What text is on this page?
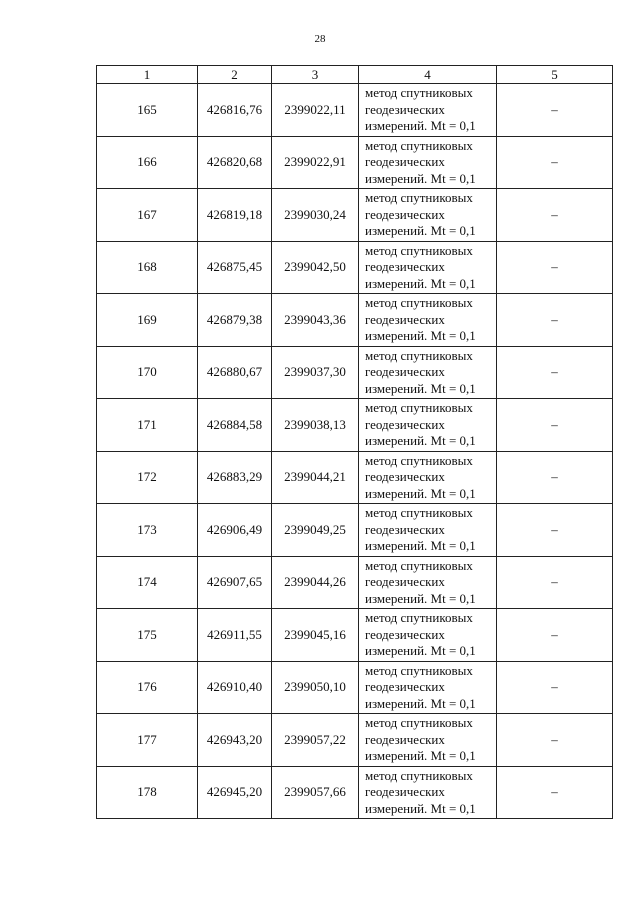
28
1	2	3	4	5
165	426816,76	2399022,11	метод спутниковых
геодезических
измерений. Mt = 0,1	–
166	426820,68	2399022,91	метод спутниковых
геодезических
измерений. Mt = 0,1	–
167	426819,18	2399030,24	метод спутниковых
геодезических
измерений. Mt = 0,1	–
168	426875,45	2399042,50	метод спутниковых
геодезических
измерений. Mt = 0,1	–
169	426879,38	2399043,36	метод спутниковых
геодезических
измерений. Mt = 0,1	–
170	426880,67	2399037,30	метод спутниковых
геодезических
измерений. Mt = 0,1	–
171	426884,58	2399038,13	метод спутниковых
геодезических
измерений. Mt = 0,1	–
172	426883,29	2399044,21	метод спутниковых
геодезических
измерений. Mt = 0,1	–
173	426906,49	2399049,25	метод спутниковых
геодезических
измерений. Mt = 0,1	–
174	426907,65	2399044,26	метод спутниковых
геодезических
измерений. Mt = 0,1	–
175	426911,55	2399045,16	метод спутниковых
геодезических
измерений. Mt = 0,1	–
176	426910,40	2399050,10	метод спутниковых
геодезических
измерений. Mt = 0,1	–
177	426943,20	2399057,22	метод спутниковых
геодезических
измерений. Mt = 0,1	–
178	426945,20	2399057,66	метод спутниковых
геодезических
измерений. Mt = 0,1	–
